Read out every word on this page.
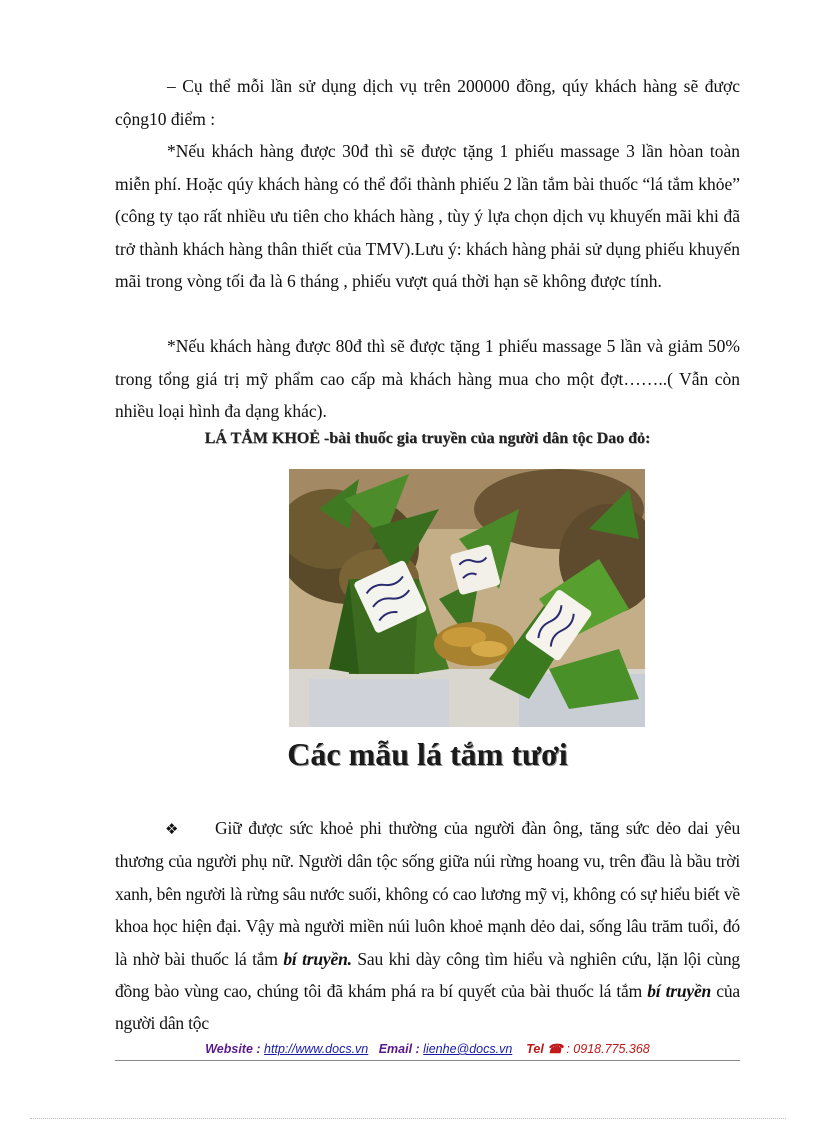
– Cụ thể mỗi lần sử dụng dịch vụ trên 200000 đồng, qúy khách hàng sẽ được cộng10 điểm :

*Nếu khách hàng được 30đ thì sẽ được tặng 1 phiếu massage 3 lần hòan toàn miễn phí. Hoặc qúy khách hàng có thể đổi thành phiếu 2 lần tắm bài thuốc “lá tắm khỏe” (công ty tạo rất nhiều ưu tiên cho khách hàng , tùy ý lựa chọn dịch vụ khuyến mãi khi đã trở thành khách hàng thân thiết của TMV).Lưu ý: khách hàng phải sử dụng phiếu khuyến mãi trong vòng tối đa là 6 tháng , phiếu vượt quá thời hạn sẽ không được tính.

*Nếu khách hàng được 80đ thì sẽ được tặng 1 phiếu massage 5 lần và giảm 50% trong tổng giá trị mỹ phẩm cao cấp mà khách hàng mua cho một đợt……..( Vẫn còn nhiều loại hình đa dạng khác).

LÁ TẮM KHOẺ -bài thuốc gia truyền của người dân tộc Dao đỏ:
Các mẫu lá tắm tươi

❖ Giữ được sức khoẻ phi thường của người đàn ông, tăng sức dẻo dai yêu thương của người phụ nữ. Người dân tộc sống giữa núi rừng hoang vu, trên đầu là bầu trời xanh, bên người là rừng sâu nước suối, không có cao lương mỹ vị, không có sự hiểu biết về khoa học hiện đại. Vậy mà người miền núi luôn khoẻ mạnh dẻo dai, sống lâu trăm tuổi, đó là nhờ bài thuốc lá tắm bí truyền. Sau khi dày công tìm hiểu và nghiên cứu, lặn lội cùng đồng bào vùng cao, chúng tôi đã khám phá ra bí quyết của bài thuốc lá tắm bí truyền của người dân tộc

Website : http://www.docs.vn Email : lienhe@docs.vn Tel ☎ : 0918.775.368
